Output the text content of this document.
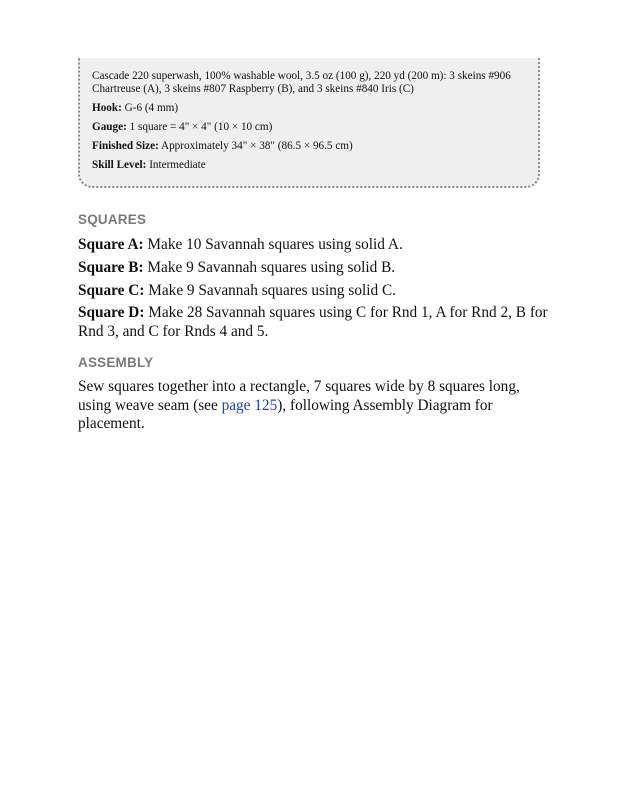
Cascade 220 superwash, 100% washable wool, 3.5 oz (100 g), 220 yd (200 m): 3 skeins #906 Chartreuse (A), 3 skeins #807 Raspberry (B), and 3 skeins #840 Iris (C)

Hook: G-6 (4 mm)

Gauge: 1 square = 4" × 4" (10 × 10 cm)

Finished Size: Approximately 34" × 38" (86.5 × 96.5 cm)

Skill Level: Intermediate

SQUARES
Square A: Make 10 Savannah squares using solid A.
Square B: Make 9 Savannah squares using solid B.
Square C: Make 9 Savannah squares using solid C.
Square D: Make 28 Savannah squares using C for Rnd 1, A for Rnd 2, B for Rnd 3, and C for Rnds 4 and 5.
ASSEMBLY
Sew squares together into a rectangle, 7 squares wide by 8 squares long, using weave seam (see page 125), following Assembly Diagram for placement.
